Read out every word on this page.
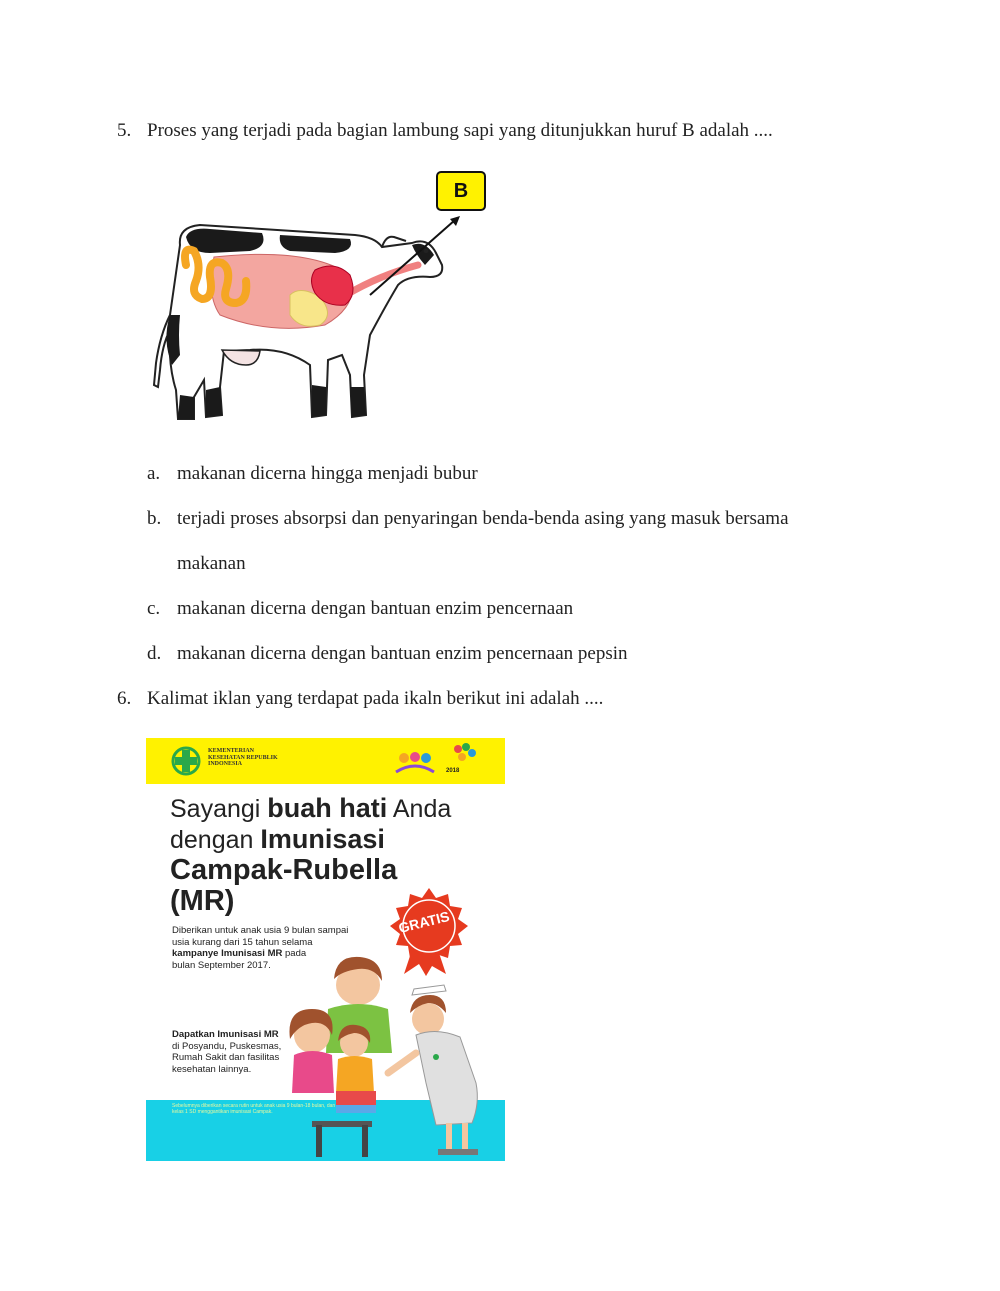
5. Proses yang terjadi pada bagian lambung sapi yang ditunjukkan huruf B adalah ....
B
a. makanan dicerna hingga menjadi bubur
b. terjadi proses absorpsi dan penyaringan benda-benda asing yang masuk bersama
makanan
c. makanan dicerna dengan bantuan enzim pencernaan
d. makanan dicerna dengan bantuan enzim pencernaan pepsin
6. Kalimat iklan yang terdapat pada ikaln berikut ini adalah ....
KEMENTERIAN KESEHATAN REPUBLIK INDONESIA
2018
Sayangi buah hati Anda
dengan Imunisasi
Campak-Rubella
(MR)
GRATIS
Diberikan untuk anak usia 9 bulan sampai
usia kurang dari 15 tahun selama
kampanye Imunisasi MR pada
bulan September 2017.
Dapatkan Imunisasi MR
di Posyandu, Puskesmas,
Rumah Sakit dan fasilitas
kesehatan lainnya.
Sebelumnya diberikan secara rutin untuk anak usia 9 bulan-18 bulan, dan kelas 1 SD menggantikan imunisasi Campak.
